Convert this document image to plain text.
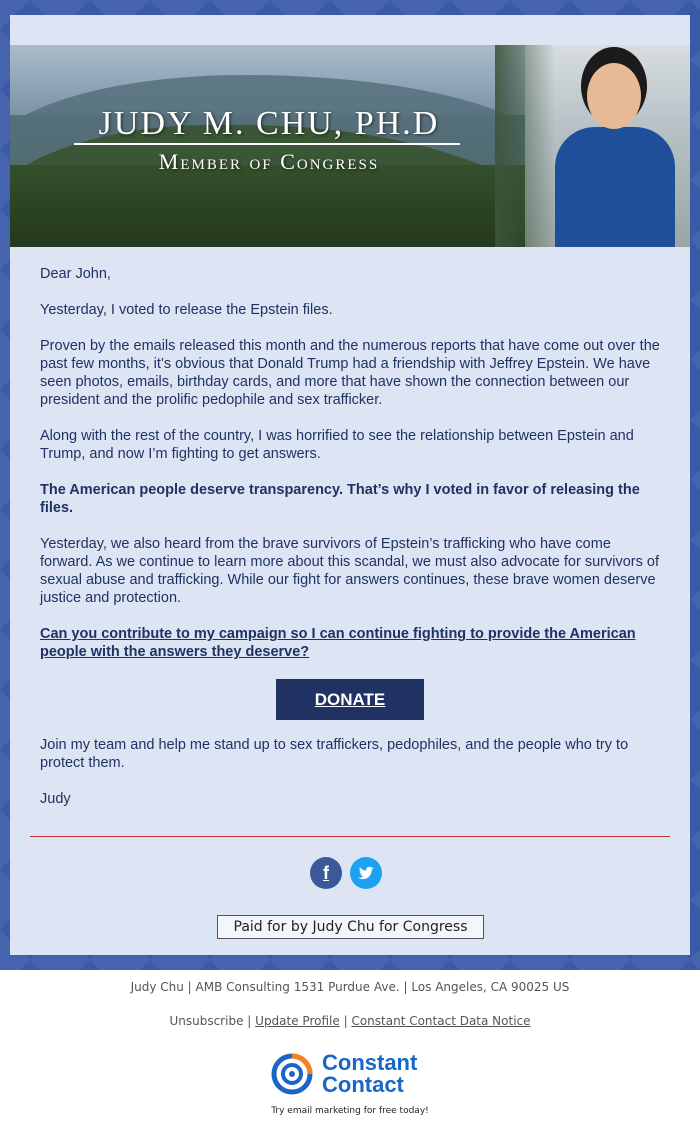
JUDY M. CHU, PH.D
Member of Congress

Dear John,

Yesterday, I voted to release the Epstein files.

Proven by the emails released this month and the numerous reports that have come out over the past few months, it’s obvious that Donald Trump had a friendship with Jeffrey Epstein. We have seen photos, emails, birthday cards, and more that have shown the connection between our president and the prolific pedophile and sex trafficker.

Along with the rest of the country, I was horrified to see the relationship between Epstein and Trump, and now I’m fighting to get answers.

The American people deserve transparency. That’s why I voted in favor of releasing the files.

Yesterday, we also heard from the brave survivors of Epstein’s trafficking who have come forward. As we continue to learn more about this scandal, we must also advocate for survivors of sexual abuse and trafficking. While our fight for answers continues, these brave women deserve justice and protection.

Can you contribute to my campaign so I can continue fighting to provide the American people with the answers they deserve?

DONATE

Join my team and help me stand up to sex traffickers, pedophiles, and the people who try to protect them.

Judy

f
Paid for by Judy Chu for Congress
Judy Chu | AMB Consulting 1531 Purdue Ave. | Los Angeles, CA 90025 US
Unsubscribe | Update Profile | Constant Contact Data Notice
Constant
Contact
Try email marketing for free today!
